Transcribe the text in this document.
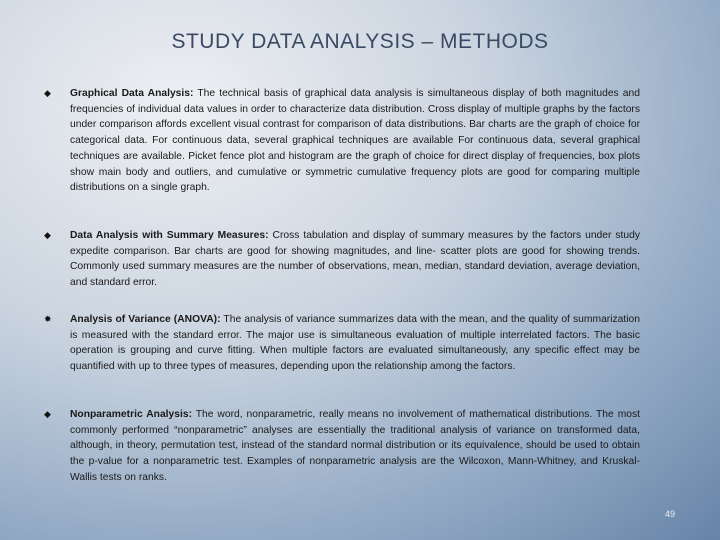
STUDY DATA ANALYSIS – METHODS
◆ Graphical Data Analysis: The technical basis of graphical data analysis is simultaneous display of both magnitudes and frequencies of individual data values in order to characterize data distribution. Cross display of multiple graphs by the factors under comparison affords excellent visual contrast for comparison of data distributions. Bar charts are the graph of choice for categorical data. For continuous data, several graphical techniques are available For continuous data, several graphical techniques are available. Picket fence plot and histogram are the graph of choice for direct display of frequencies, box plots show main body and outliers, and cumulative or symmetric cumulative frequency plots are good for comparing multiple distributions on a single graph.
◆ Data Analysis with Summary Measures: Cross tabulation and display of summary measures by the factors under study expedite comparison. Bar charts are good for showing magnitudes, and line- scatter plots are good for showing trends. Commonly used summary measures are the number of observations, mean, median, standard deviation, average deviation, and standard error.
✸ Analysis of Variance (ANOVA): The analysis of variance summarizes data with the mean, and the quality of summarization is measured with the standard error. The major use is simultaneous evaluation of multiple interrelated factors. The basic operation is grouping and curve fitting. When multiple factors are evaluated simultaneously, any specific effect may be quantified with up to three types of measures, depending upon the relationship among the factors.
◆ Nonparametric Analysis: The word, nonparametric, really means no involvement of mathematical distributions. The most commonly performed “nonparametric” analyses are essentially the traditional analysis of variance on transformed data, although, in theory, permutation test, instead of the standard normal distribution or its equivalence, should be used to obtain the p-value for a nonparametric test. Examples of nonparametric analysis are the Wilcoxon, Mann-Whitney, and Kruskal-Wallis tests on ranks.
49
